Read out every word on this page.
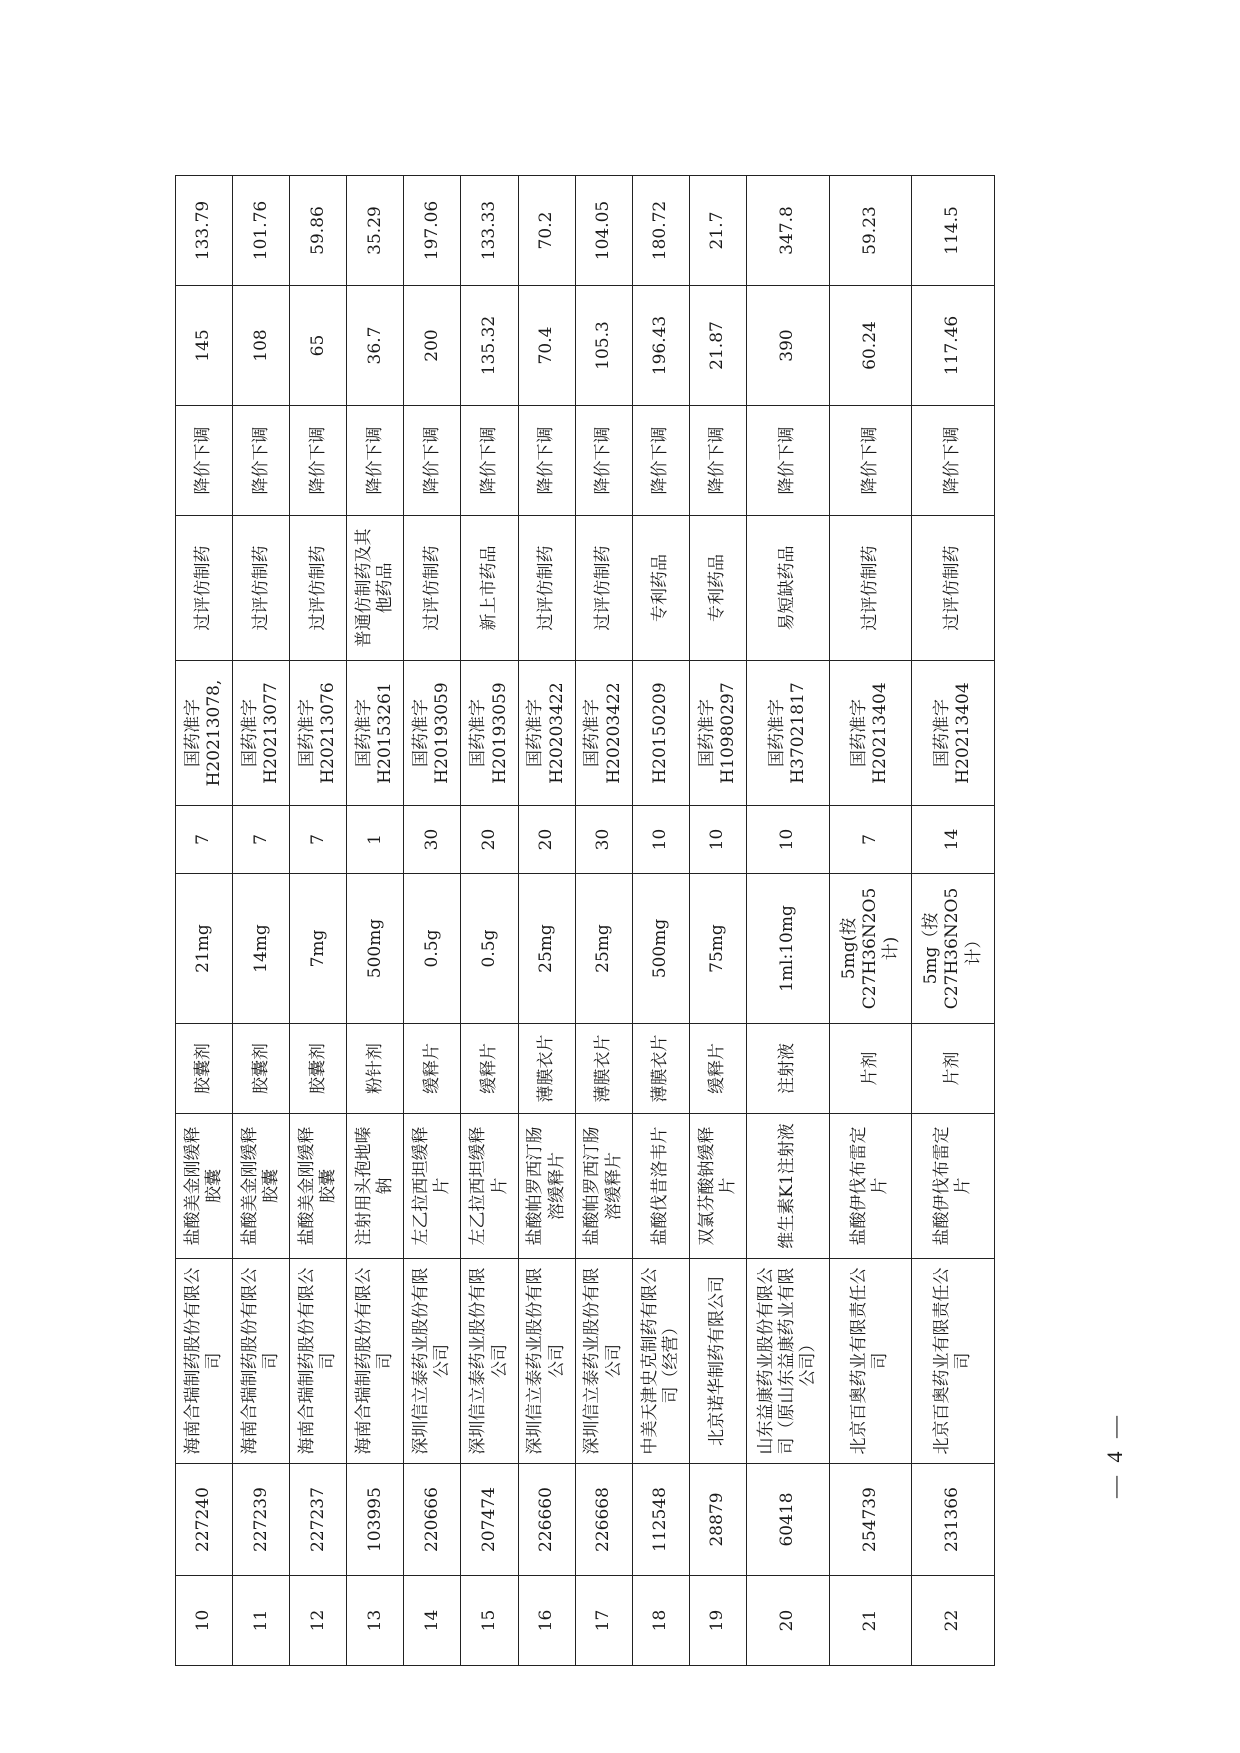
10	227240	海南合瑞制药股份有限公司	盐酸美金刚缓释胶囊	胶囊剂	21mg	7	国药准字H20213078,	过评仿制药	降价下调	145	133.79
11	227239	海南合瑞制药股份有限公司	盐酸美金刚缓释胶囊	胶囊剂	14mg	7	国药准字H20213077	过评仿制药	降价下调	108	101.76
12	227237	海南合瑞制药股份有限公司	盐酸美金刚缓释胶囊	胶囊剂	7mg	7	国药准字H20213076	过评仿制药	降价下调	65	59.86
13	103995	海南合瑞制药股份有限公司	注射用头孢地嗪钠	粉针剂	500mg	1	国药准字H20153261	普通仿制药及其他药品	降价下调	36.7	35.29
14	220666	深圳信立泰药业股份有限公司	左乙拉西坦缓释片	缓释片	0.5g	30	国药准字H20193059	过评仿制药	降价下调	200	197.06
15	207474	深圳信立泰药业股份有限公司	左乙拉西坦缓释片	缓释片	0.5g	20	国药准字H20193059	新上市药品	降价下调	135.32	133.33
16	226660	深圳信立泰药业股份有限公司	盐酸帕罗西汀肠溶缓释片	薄膜衣片	25mg	20	国药准字H20203422	过评仿制药	降价下调	70.4	70.2
17	226668	深圳信立泰药业股份有限公司	盐酸帕罗西汀肠溶缓释片	薄膜衣片	25mg	30	国药准字H20203422	过评仿制药	降价下调	105.3	104.05
18	112548	中美天津史克制药有限公司（经营）	盐酸伐昔洛韦片	薄膜衣片	500mg	10	H20150209	专利药品	降价下调	196.43	180.72
19	28879	北京诺华制药有限公司	双氯芬酸钠缓释片	缓释片	75mg	10	国药准字H10980297	专利药品	降价下调	21.87	21.7
20	60418	山东益康药业股份有限公司（原山东益康药业有限公司）	维生素K1注射液	注射液	1ml:10mg	10	国药准字H37021817	易短缺药品	降价下调	390	347.8
21	254739	北京百奥药业有限责任公司	盐酸伊伐布雷定片	片剂	5mg(按C27H36N2O5计)	7	国药准字H20213404	过评仿制药	降价下调	60.24	59.23
22	231366	北京百奥药业有限责任公司	盐酸伊伐布雷定片	片剂	5mg（按C27H36N2O5计）	14	国药准字H20213404	过评仿制药	降价下调	117.46	114.5
— 4 —
